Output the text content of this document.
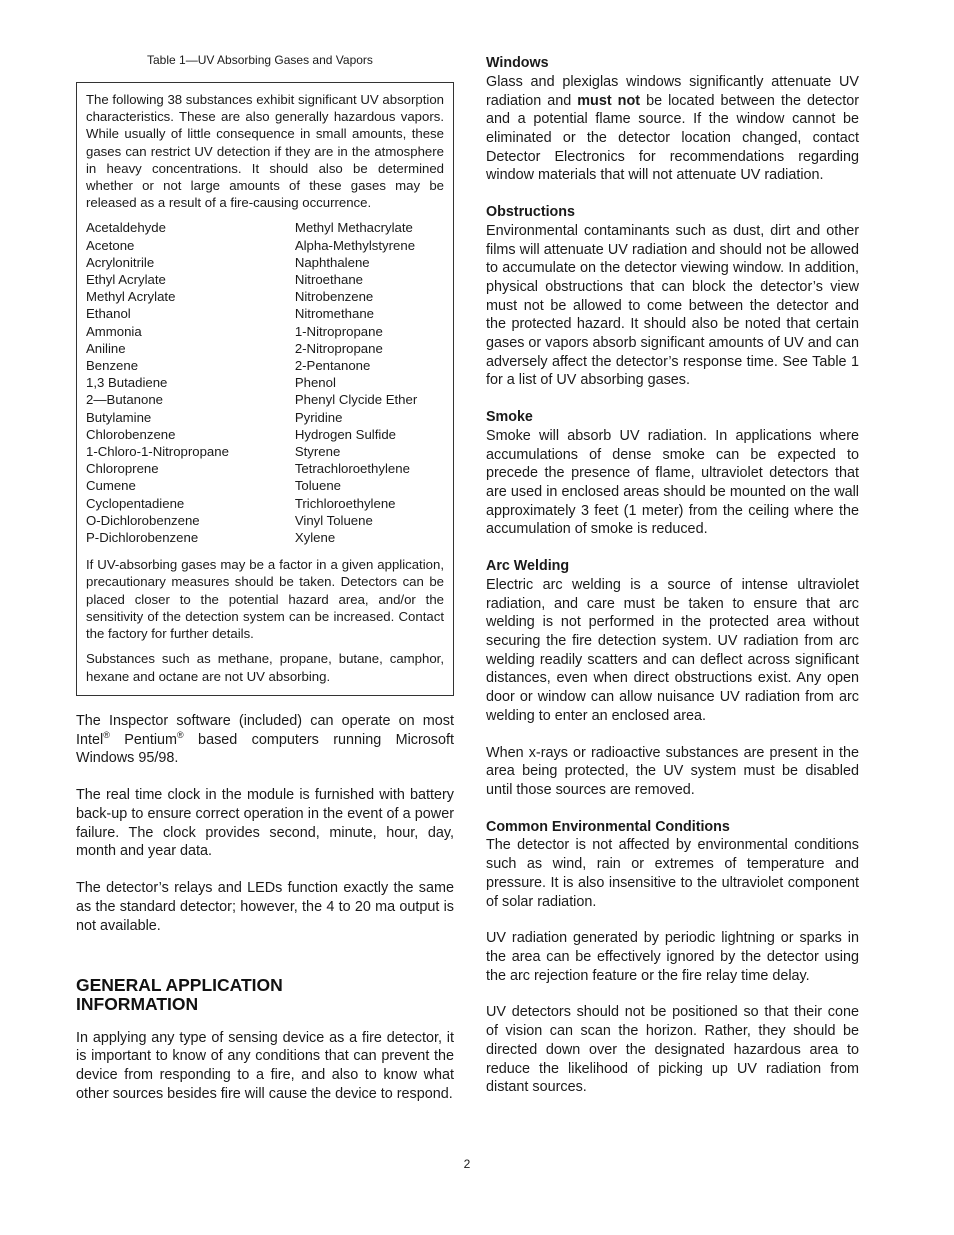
Table 1—UV Absorbing Gases and Vapors

The following 38 substances exhibit significant UV absorption characteristics. These are also generally hazardous vapors. While usually of little consequence in small amounts, these gases can restrict UV detection if they are in the atmosphere in heavy concentrations. It should also be determined whether or not large amounts of these gases may be released as a result of a fire-causing occurrence.

Acetaldehyde
Acetone
Acrylonitrile
Ethyl Acrylate
Methyl Acrylate
Ethanol
Ammonia
Aniline
Benzene
1,3 Butadiene
2—Butanone
Butylamine
Chlorobenzene
1-Chloro-1-Nitropropane
Chloroprene
Cumene
Cyclopentadiene
O-Dichlorobenzene
P-Dichlorobenzene
Methyl Methacrylate
Alpha-Methylstyrene
Naphthalene
Nitroethane
Nitrobenzene
Nitromethane
1-Nitropropane
2-Nitropropane
2-Pentanone
Phenol
Phenyl Clycide Ether
Pyridine
Hydrogen Sulfide
Styrene
Tetrachloroethylene
Toluene
Trichloroethylene
Vinyl Toluene
Xylene

If UV-absorbing gases may be a factor in a given application, precautionary measures should be taken. Detectors can be placed closer to the potential hazard area, and/or the sensitivity of the detection system can be increased. Contact the factory for further details.

Substances such as methane, propane, butane, camphor, hexane and octane are not UV absorbing.

The Inspector software (included) can operate on most Intel® Pentium® based computers running Microsoft Windows 95/98.

The real time clock in the module is furnished with battery back-up to ensure correct operation in the event of a power failure. The clock provides second, minute, hour, day, month and year data.

The detector’s relays and LEDs function exactly the same as the standard detector; however, the 4 to 20 ma output is not available.

GENERAL APPLICATION
INFORMATION

In applying any type of sensing device as a fire detector, it is important to know of any conditions that can prevent the device from responding to a fire, and also to know what other sources besides fire will cause the device to respond.

Windows

Glass and plexiglas windows significantly attenuate UV radiation and must not be located between the detector and a potential flame source. If the window cannot be eliminated or the detector location changed, contact Detector Electronics for recommendations regarding window materials that will not attenuate UV radiation.

Obstructions

Environmental contaminants such as dust, dirt and other films will attenuate UV radiation and should not be allowed to accumulate on the detector viewing window. In addition, physical obstructions that can block the detector’s view must not be allowed to come between the detector and the protected hazard. It should also be noted that certain gases or vapors absorb significant amounts of UV and can adversely affect the detector’s response time. See Table 1 for a list of UV absorbing gases.

Smoke

Smoke will absorb UV radiation. In applications where accumulations of dense smoke can be expected to precede the presence of flame, ultraviolet detectors that are used in enclosed areas should be mounted on the wall approximately 3 feet (1 meter) from the ceiling where the accumulation of smoke is reduced.

Arc Welding

Electric arc welding is a source of intense ultraviolet radiation, and care must be taken to ensure that arc welding is not performed in the protected area without securing the fire detection system. UV radiation from arc welding readily scatters and can deflect across significant distances, even when direct obstructions exist. Any open door or window can allow nuisance UV radiation from arc welding to enter an enclosed area.

When x-rays or radioactive substances are present in the area being protected, the UV system must be disabled until those sources are removed.

Common Environmental Conditions

The detector is not affected by environmental conditions such as wind, rain or extremes of temperature and pressure. It is also insensitive to the ultraviolet component of solar radiation.

UV radiation generated by periodic lightning or sparks in the area can be effectively ignored by the detector using the arc rejection feature or the fire relay time delay.

UV detectors should not be positioned so that their cone of vision can scan the horizon. Rather, they should be directed down over the designated hazardous area to reduce the likelihood of picking up UV radiation from distant sources.

2
